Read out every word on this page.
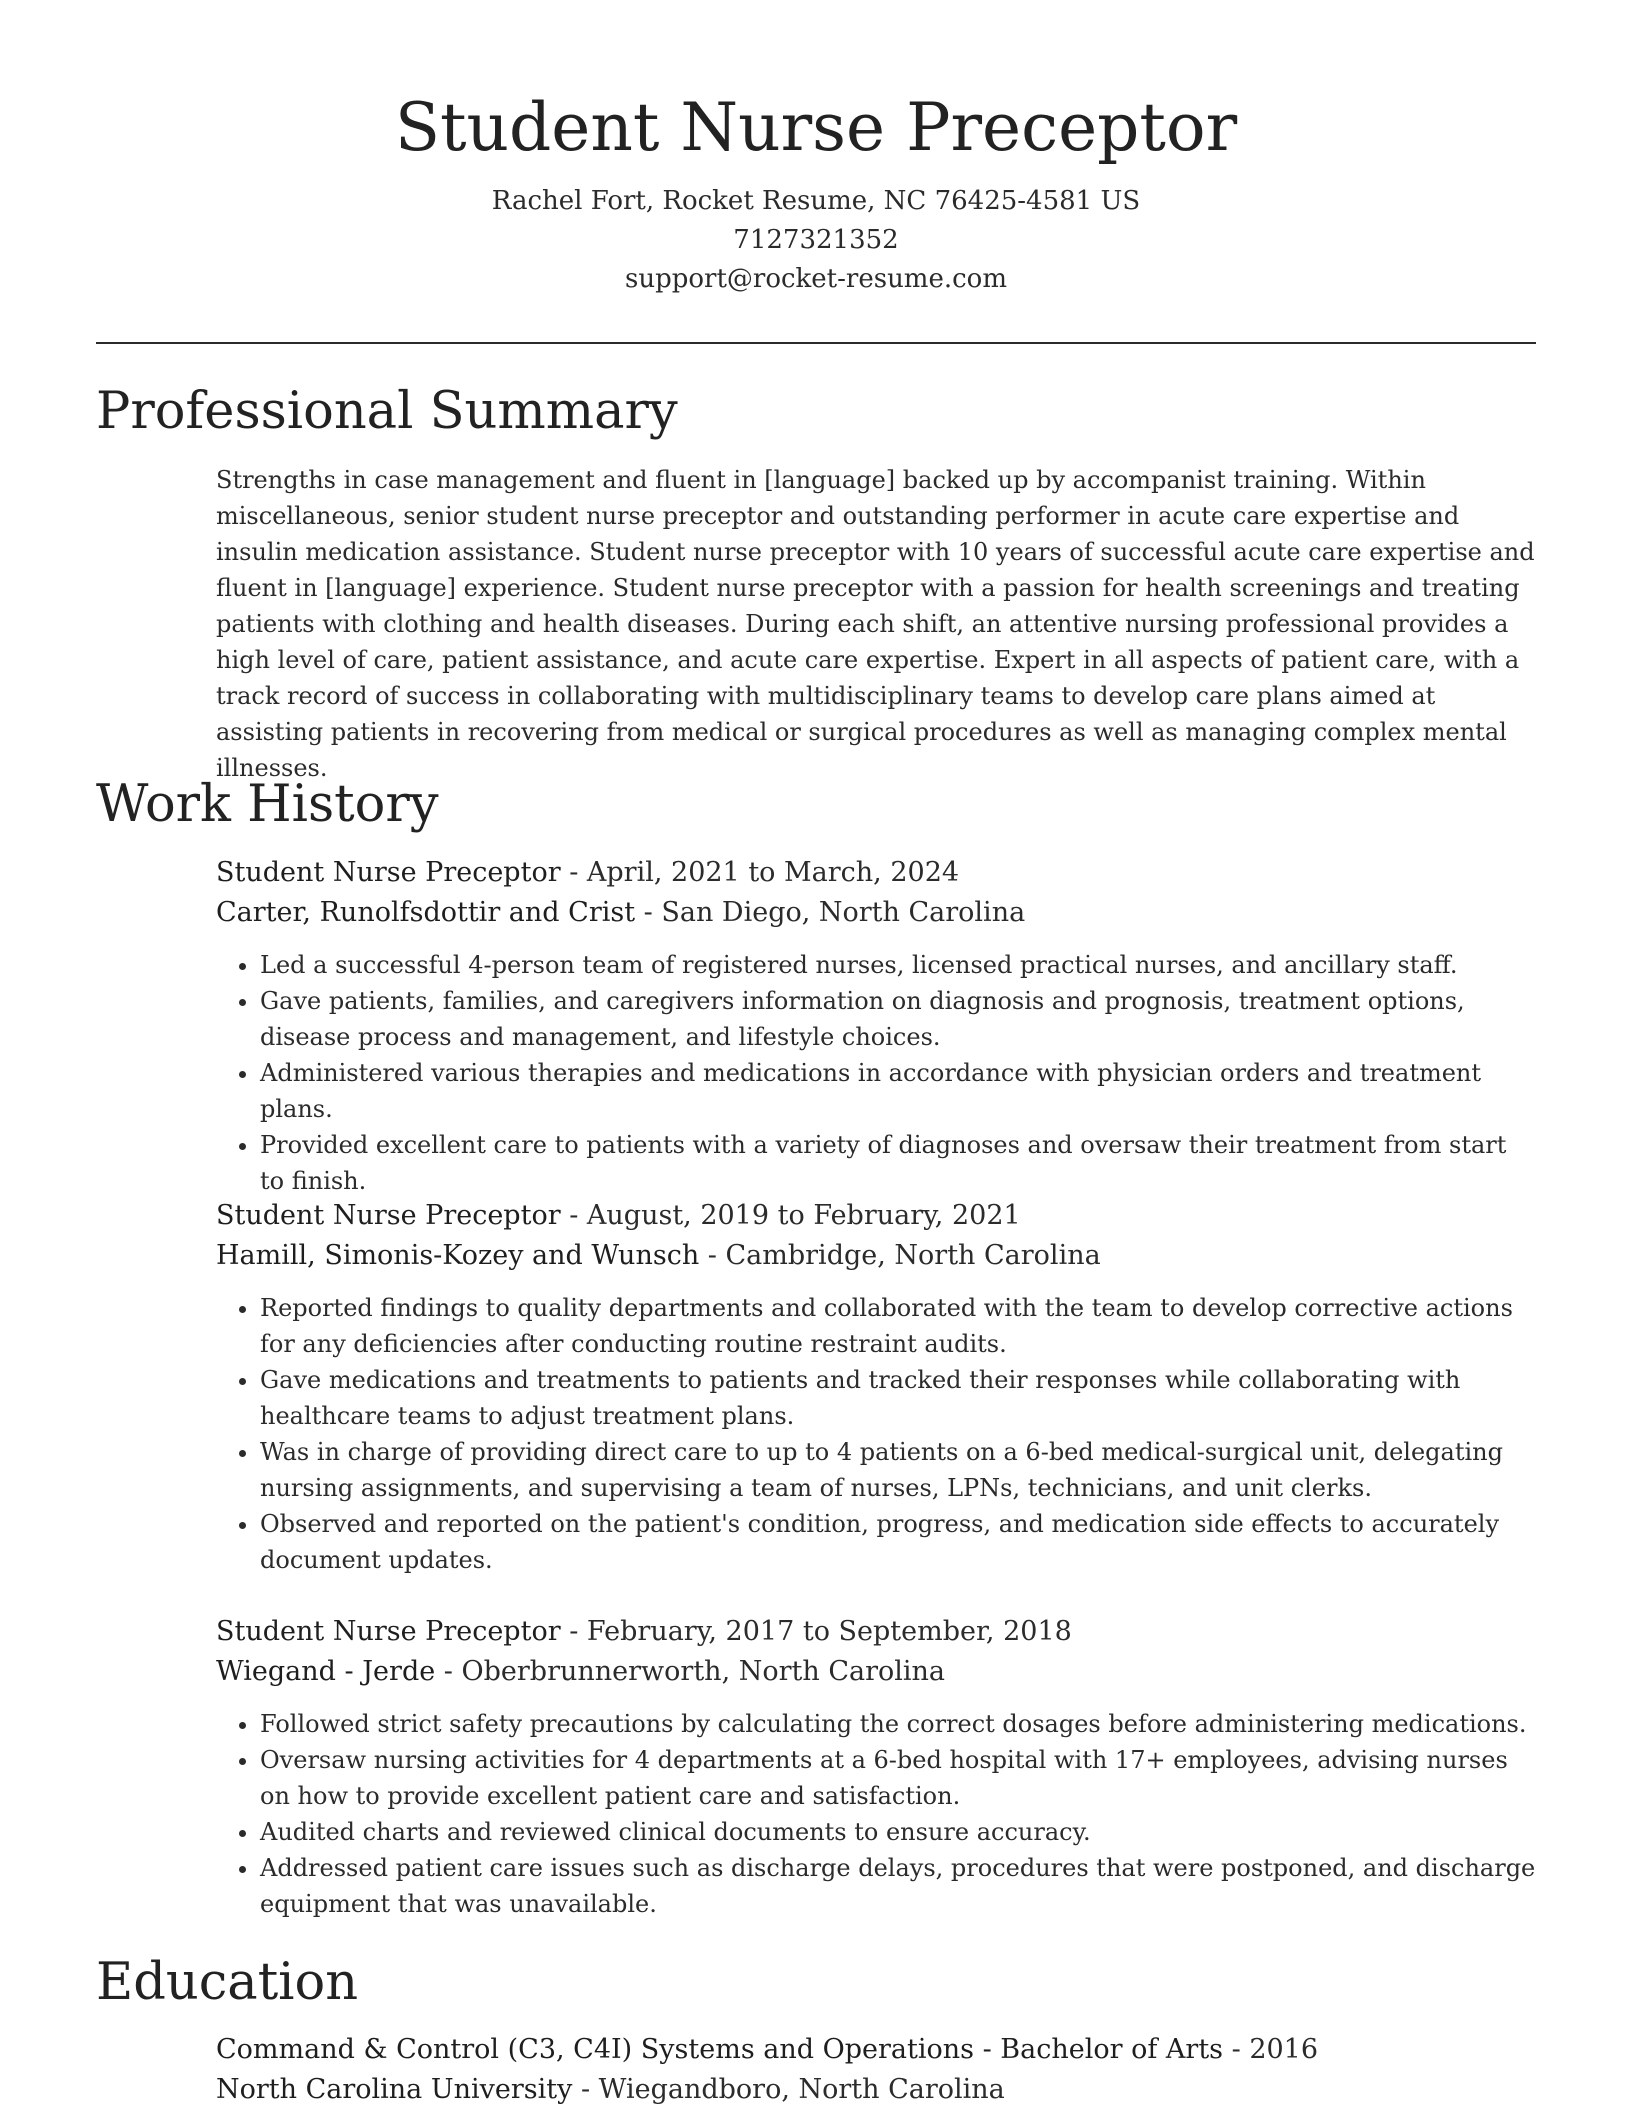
Student Nurse Preceptor
Rachel Fort, Rocket Resume, NC 76425-4581 US
7127321352
support@rocket-resume.com
Professional Summary

Strengths in case management and fluent in [language] backed up by accompanist training. Within miscellaneous, senior student nurse preceptor and outstanding performer in acute care expertise and insulin medication assistance. Student nurse preceptor with 10 years of successful acute care expertise and fluent in [language] experience. Student nurse preceptor with a passion for health screenings and treating patients with clothing and health diseases. During each shift, an attentive nursing professional provides a high level of care, patient assistance, and acute care expertise. Expert in all aspects of patient care, with a track record of success in collaborating with multidisciplinary teams to develop care plans aimed at assisting patients in recovering from medical or surgical procedures as well as managing complex mental illnesses.

Work History
Student Nurse Preceptor - April, 2021 to March, 2024
Carter, Runolfsdottir and Crist - San Diego, North Carolina
• Led a successful 4-person team of registered nurses, licensed practical nurses, and ancillary staff.
• Gave patients, families, and caregivers information on diagnosis and prognosis, treatment options, disease process and management, and lifestyle choices.
• Administered various therapies and medications in accordance with physician orders and treatment plans.
• Provided excellent care to patients with a variety of diagnoses and oversaw their treatment from start to finish.
Student Nurse Preceptor - August, 2019 to February, 2021
Hamill, Simonis-Kozey and Wunsch - Cambridge, North Carolina
• Reported findings to quality departments and collaborated with the team to develop corrective actions for any deficiencies after conducting routine restraint audits.
• Gave medications and treatments to patients and tracked their responses while collaborating with healthcare teams to adjust treatment plans.
• Was in charge of providing direct care to up to 4 patients on a 6-bed medical-surgical unit, delegating nursing assignments, and supervising a team of nurses, LPNs, technicians, and unit clerks.
• Observed and reported on the patient's condition, progress, and medication side effects to accurately document updates.
Student Nurse Preceptor - February, 2017 to September, 2018
Wiegand - Jerde - Oberbrunnerworth, North Carolina
• Followed strict safety precautions by calculating the correct dosages before administering medications.
• Oversaw nursing activities for 4 departments at a 6-bed hospital with 17+ employees, advising nurses on how to provide excellent patient care and satisfaction.
• Audited charts and reviewed clinical documents to ensure accuracy.
• Addressed patient care issues such as discharge delays, procedures that were postponed, and discharge equipment that was unavailable.
Education
Command & Control (C3, C4I) Systems and Operations - Bachelor of Arts - 2016
North Carolina University - Wiegandboro, North Carolina
